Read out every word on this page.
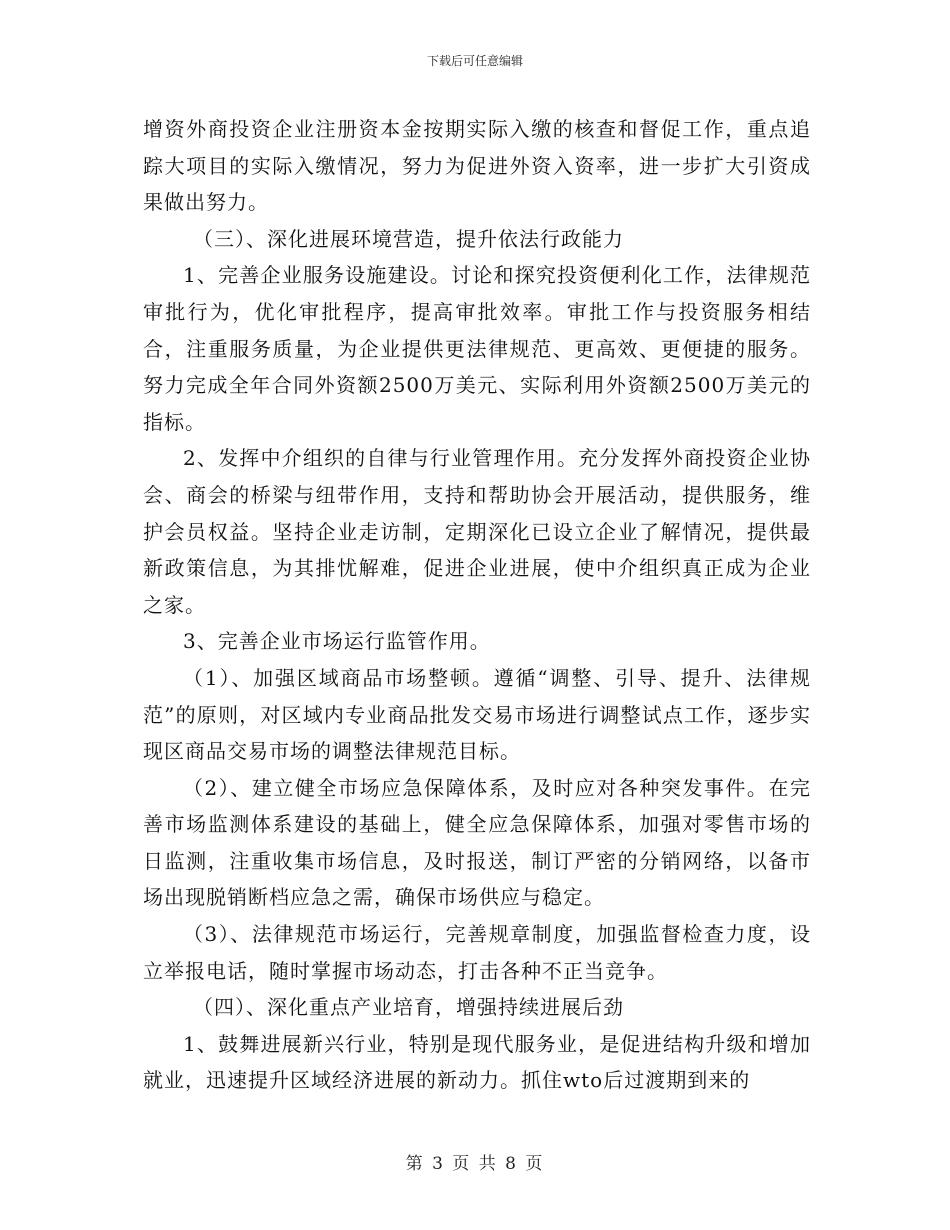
下载后可任意编辑

增资外商投资企业注册资本金按期实际入缴的核查和督促工作，重点追踪大项目的实际入缴情况，努力为促进外资入资率，进一步扩大引资成果做出努力。

（三）、深化进展环境营造，提升依法行政能力

1、完善企业服务设施建设。讨论和探究投资便利化工作，法律规范审批行为，优化审批程序，提高审批效率。审批工作与投资服务相结合，注重服务质量，为企业提供更法律规范、更高效、更便捷的服务。努力完成全年合同外资额2500万美元、实际利用外资额2500万美元的指标。

2、发挥中介组织的自律与行业管理作用。充分发挥外商投资企业协会、商会的桥梁与纽带作用，支持和帮助协会开展活动，提供服务，维护会员权益。坚持企业走访制，定期深化已设立企业了解情况，提供最新政策信息，为其排忧解难，促进企业进展，使中介组织真正成为企业之家。

3、完善企业市场运行监管作用。

（1）、加强区域商品市场整顿。遵循“调整、引导、提升、法律规范”的原则，对区域内专业商品批发交易市场进行调整试点工作，逐步实现区商品交易市场的调整法律规范目标。

（2）、建立健全市场应急保障体系，及时应对各种突发事件。在完善市场监测体系建设的基础上，健全应急保障体系，加强对零售市场的日监测，注重收集市场信息，及时报送，制订严密的分销网络，以备市场出现脱销断档应急之需，确保市场供应与稳定。

（3）、法律规范市场运行，完善规章制度，加强监督检查力度，设立举报电话，随时掌握市场动态，打击各种不正当竞争。

（四）、深化重点产业培育，增强持续进展后劲

1、鼓舞进展新兴行业，特别是现代服务业，是促进结构升级和增加就业，迅速提升区域经济进展的新动力。抓住wto后过渡期到来的

第 3 页 共 8 页
